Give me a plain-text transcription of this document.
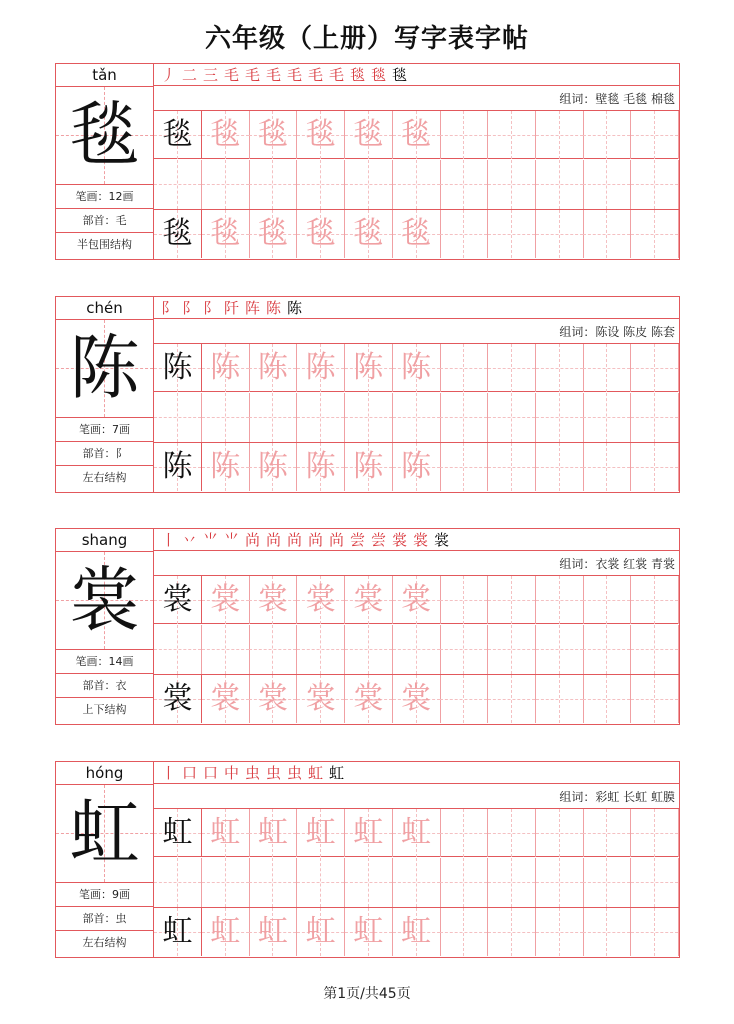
六年级（上册）写字表字帖
tǎn
毯
笔画：12画
部首：毛
半包围结构
丿 二 三 毛 毛 毛 毛 毛 毛 毯 毯 毯
组词：壁毯 毛毯 棉毯
毯 毯 毯 毯 毯 毯
毯 毯 毯 毯 毯 毯
chén
陈
笔画：7画
部首：阝
左右结构
阝 阝 阝 阡 阵 陈 陈
组词：陈设 陈皮 陈套
陈 陈 陈 陈 陈 陈
陈 陈 陈 陈 陈 陈
shang
裳
笔画：14画
部首：衣
上下结构
丨 丷 ⺌ ⺌ 尚 尚 尚 尚 尚 尝 尝 裳 裳 裳
组词：衣裳 红裳 青裳
裳 裳 裳 裳 裳 裳
裳 裳 裳 裳 裳 裳
hóng
虹
笔画：9画
部首：虫
左右结构
丨 口 口 中 虫 虫 虫 虹 虹
组词：彩虹 长虹 虹膜
虹 虹 虹 虹 虹 虹
虹 虹 虹 虹 虹 虹
第1页/共45页
